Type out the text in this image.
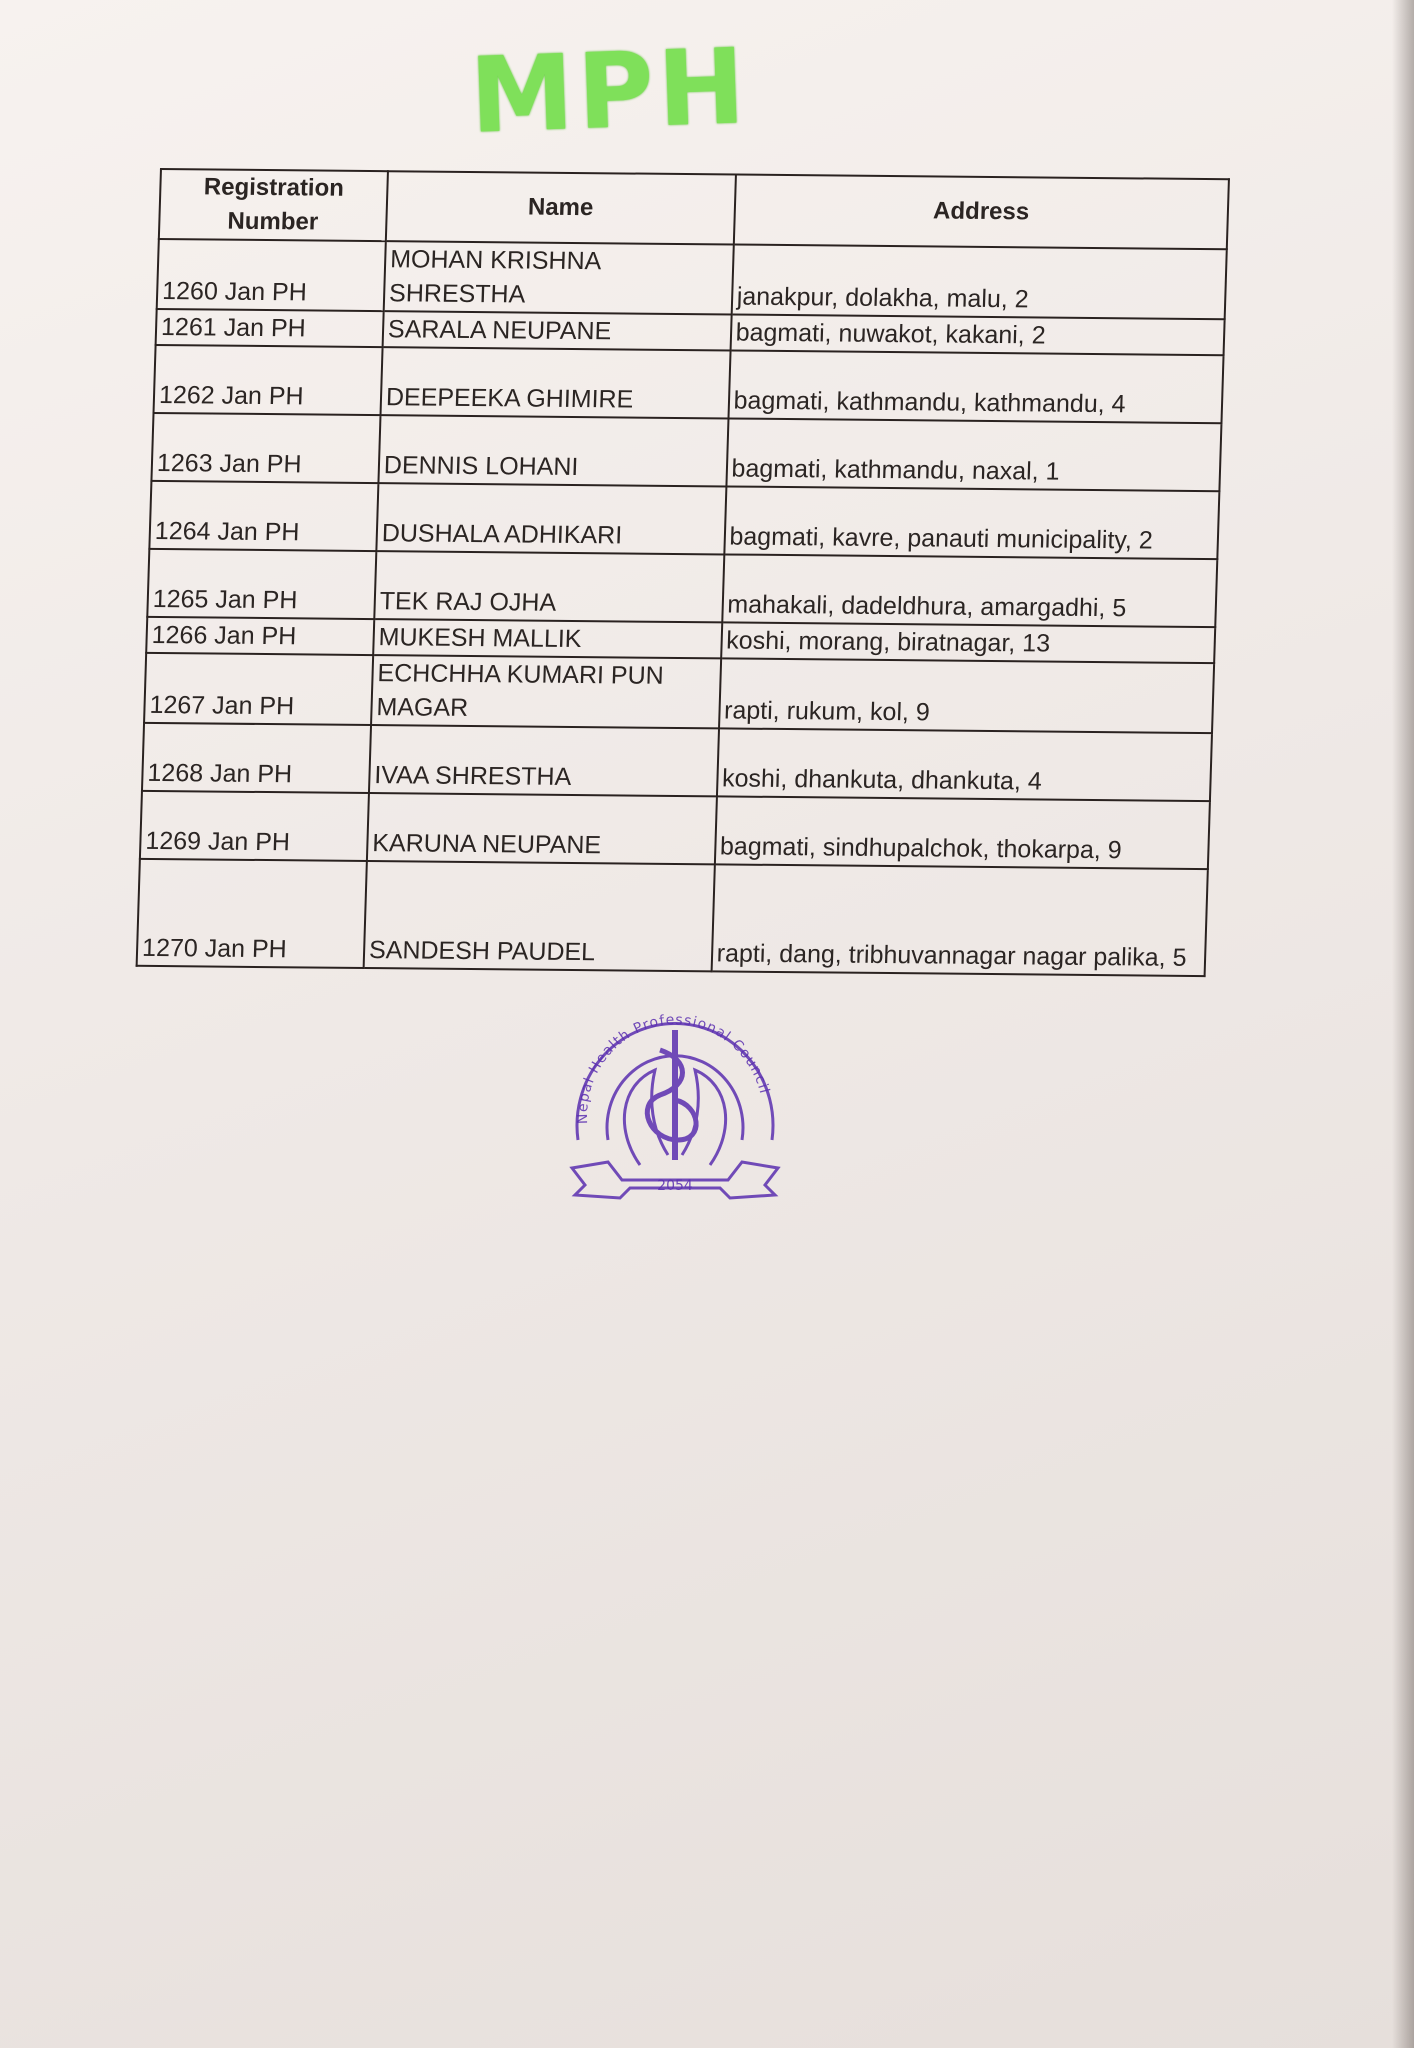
MPH
Registration Number	Name	Address
1260 Jan PH	MOHAN KRISHNA SHRESTHA	janakpur, dolakha, malu, 2
1261 Jan PH	SARALA NEUPANE	bagmati, nuwakot, kakani, 2
1262 Jan PH	DEEPEEKA GHIMIRE	bagmati, kathmandu, kathmandu, 4
1263 Jan PH	DENNIS LOHANI	bagmati, kathmandu, naxal, 1
1264 Jan PH	DUSHALA ADHIKARI	bagmati, kavre, panauti municipality, 2
1265 Jan PH	TEK RAJ OJHA	mahakali, dadeldhura, amargadhi, 5
1266 Jan PH	MUKESH MALLIK	koshi, morang, biratnagar, 13
1267 Jan PH	ECHCHHA KUMARI PUN MAGAR	rapti, rukum, kol, 9
1268 Jan PH	IVAA SHRESTHA	koshi, dhankuta, dhankuta, 4
1269 Jan PH	KARUNA NEUPANE	bagmati, sindhupalchok, thokarpa, 9
1270 Jan PH	SANDESH PAUDEL	rapti, dang, tribhuvannagar nagar palika, 5
Nepal Health Professional Council
2054
